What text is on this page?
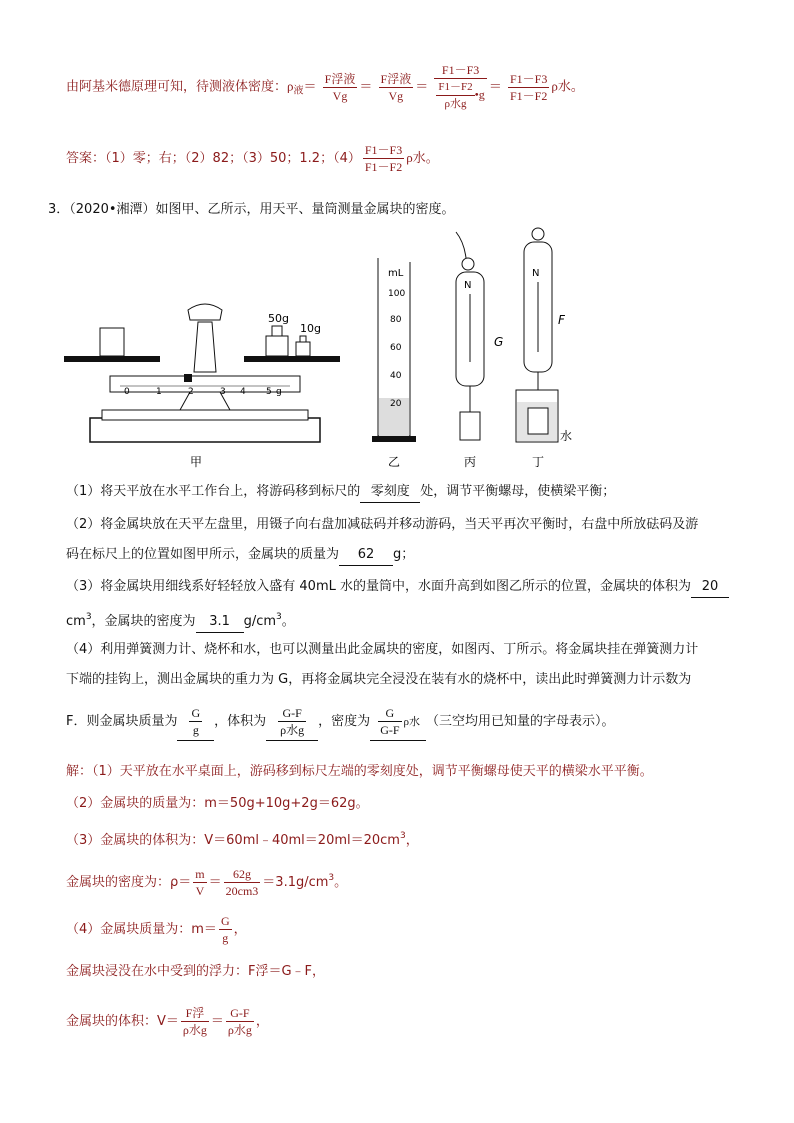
由阿基米德原理可知，待测液体密度：$\rho_液= \frac{\text{F浮液}}{Vg} = \frac{\text{F浮液}}{Vg} = \frac{F1-F3}{\frac{F1-F2}{\text{ρ水g}} •g} = \frac{F1-F3}{F1-F2}$ ρ水。
答案：（1）零；右；（2）82；（3）50；1.2；$(4) \frac{F1-F3}{F1-F2}$ ρ水。
3．（2020•湘潭）如图甲、乙所示，用天平、量筒测量金属块的密度。
50g
10g
0	1	2	3 4 5 g
甲
mL
100
80
60
40
20
乙
N
G
丙
N
F
水
丁
（1）将天平放在水平工作台上，将游码移到标尺的 零刻度 处，调节平衡螺母，使横梁平衡；
（2）将金属块放在天平左盘里，用镊子向右盘加减砝码并移动游码，当天平再次平衡时，右盘中所放砝码及游
码在标尺上的位置如图甲所示，金属块的质量为 62 g；
（3）将金属块用细线系好轻轻放入盛有 40mL 水的量筒中，水面升高到如图乙所示的位置，金属块的体积为 20
$cm^3$，金属块的密度为 3.1 $g/cm^3$。
（4）利用弹簧测力计、烧杯和水，也可以测量出此金属块的密度，如图丙、丁所示。将金属块挂在弹簧测力计
下端的挂钩上，测出金属块的重力为 G，再将金属块完全浸没在装有水的烧杯中，读出此时弹簧测力计示数为
F．则金属块质量为 $\frac{G}{g}$ ，体积为 $\frac{G-F}{\text{ρ水g}}$ ，密度为 $\frac{G}{G-F}$ ρ水 （三空均用已知量的字母表示）。
解：（1）天平放在水平桌面上，游码移到标尺左端的零刻度处，调节平衡螺母使天平的横梁水平平衡。
（2）金属块的质量为：m＝50g+10g+2g＝62g。
（3）金属块的体积为：$V=60ml﹣40ml=20ml=20cm^3$，
金属块的密度为：$\rho= \frac{m}{V} = \frac{62g}{20cm3} =3.1g/cm^3$。
（4）金属块质量为：$m= \frac{G}{g}$ ，
金属块浸没在水中受到的浮力：F浮＝G﹣F，
金属块的体积：$V= \frac{\text{F浮}}{\text{ρ水g}} = \frac{G-F}{\text{ρ水g}}$ ，
